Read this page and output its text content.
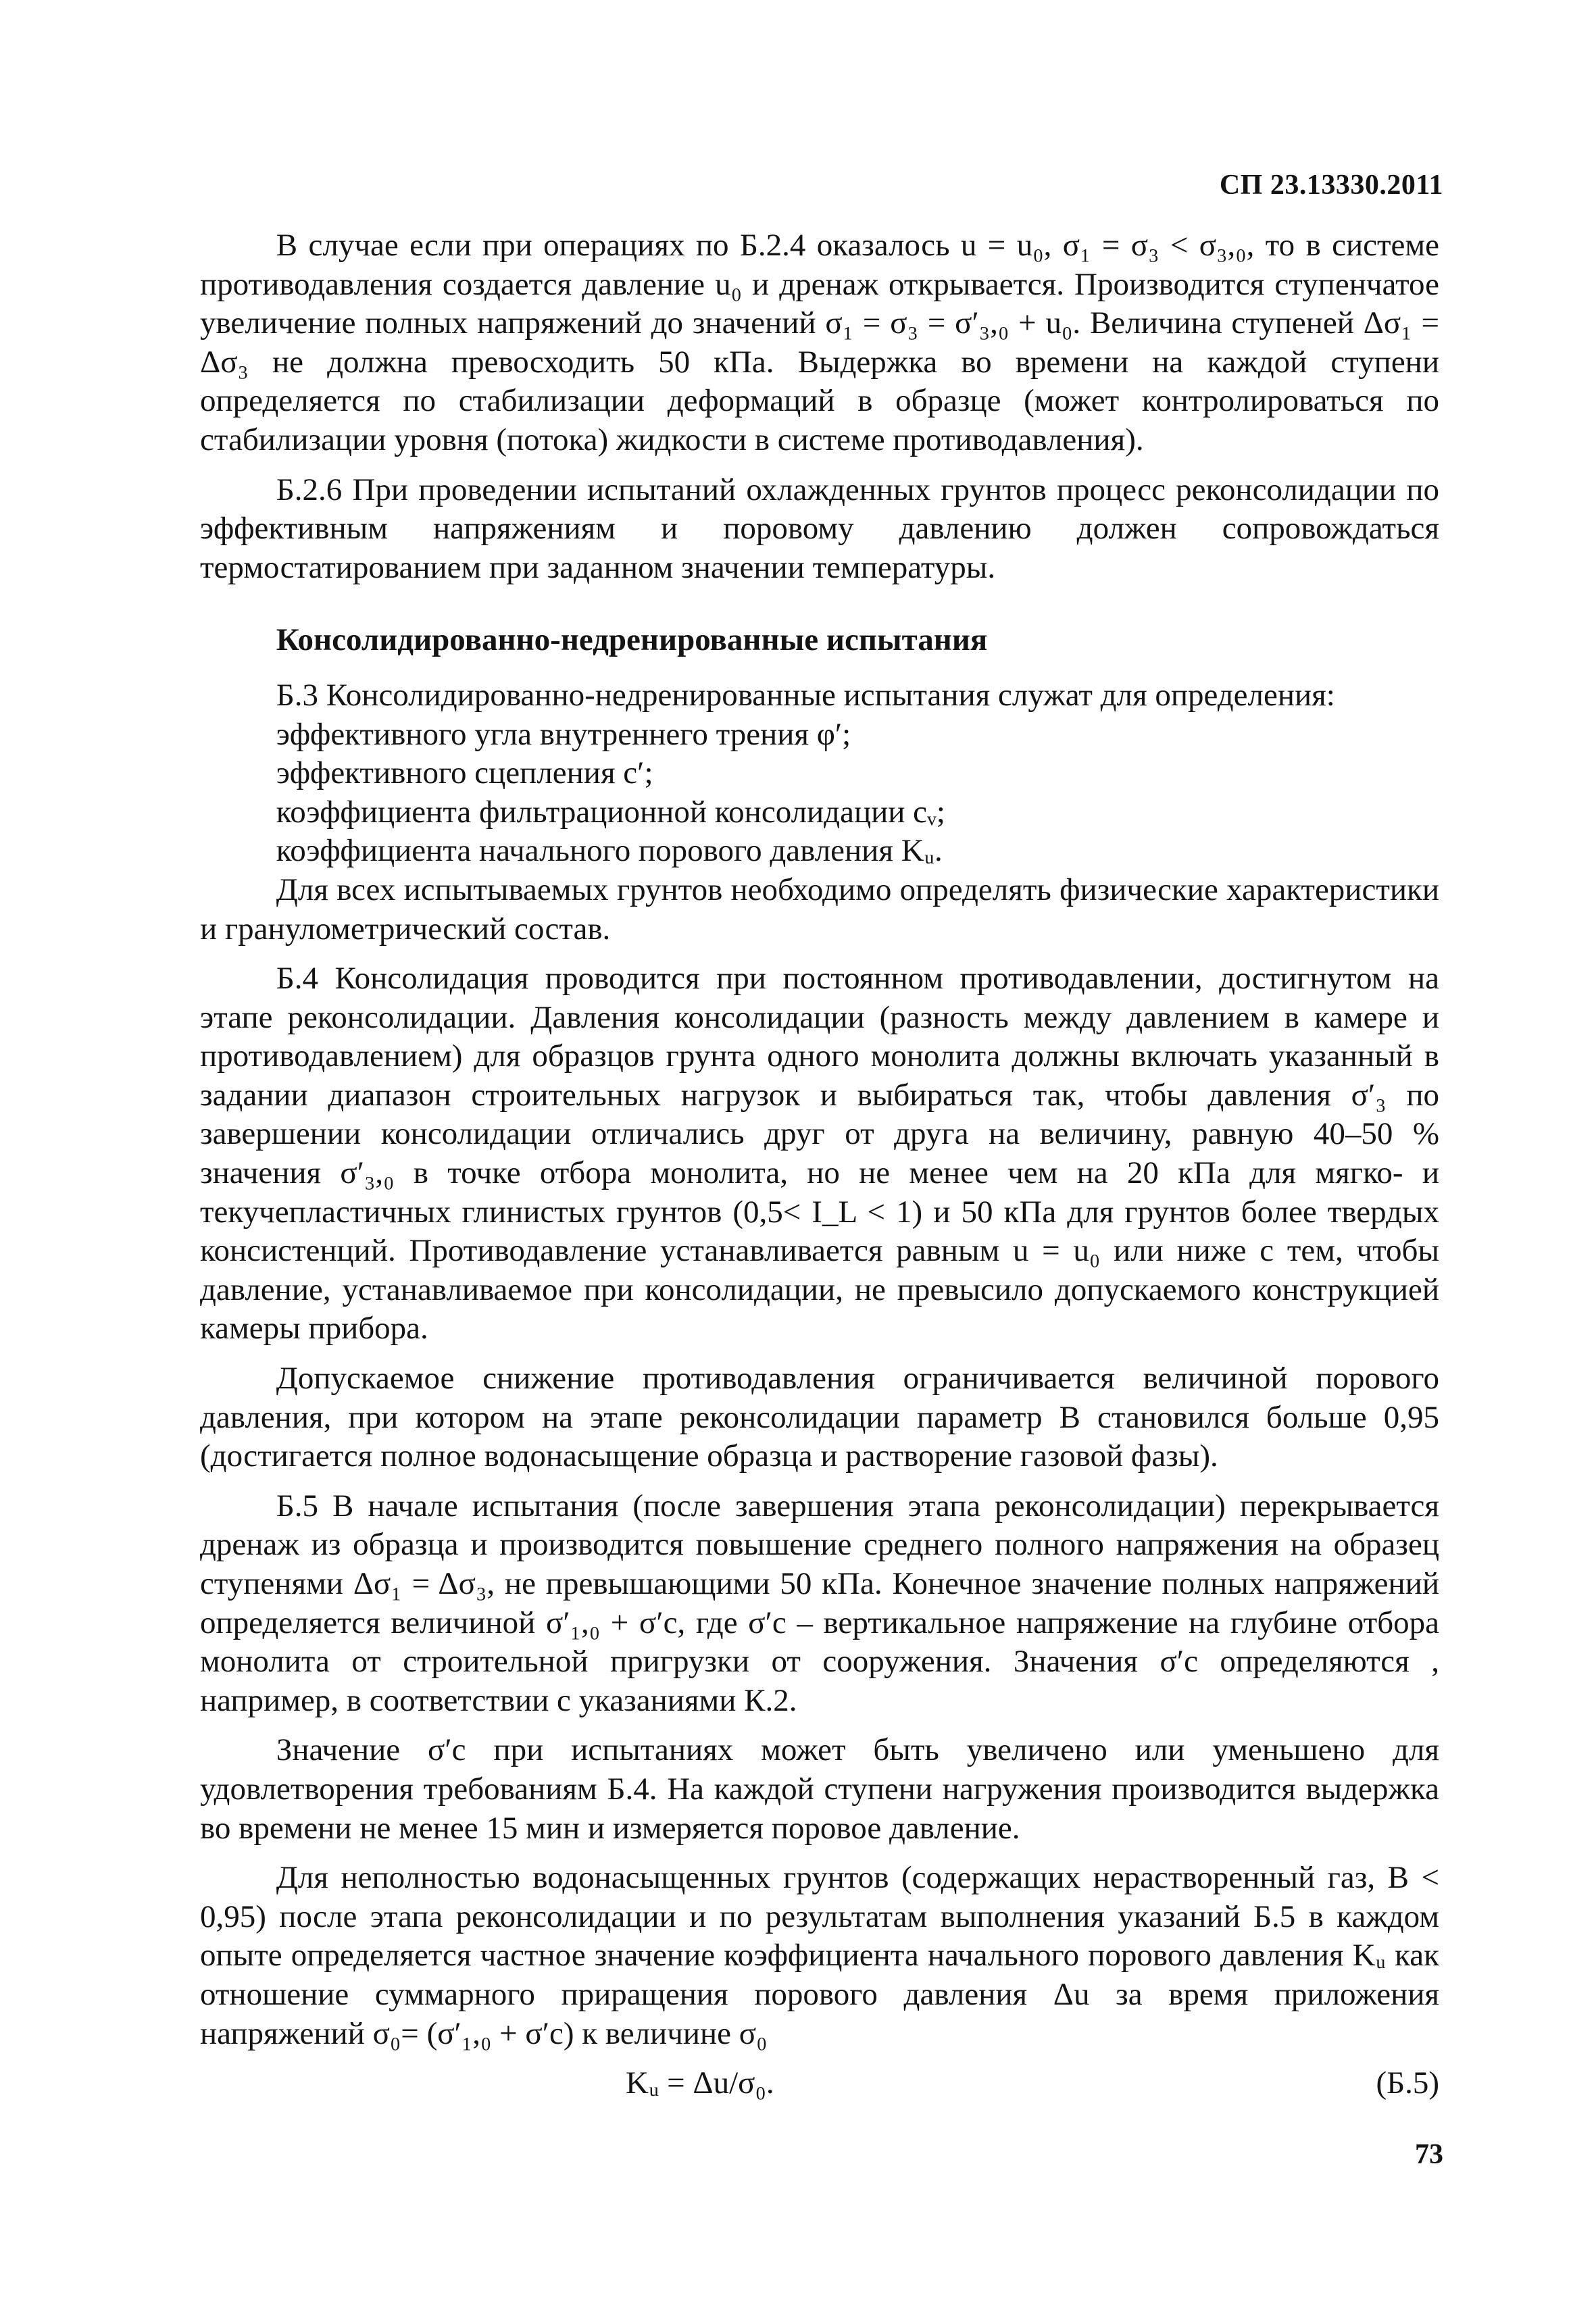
СП 23.13330.2011

В случае если при операциях по Б.2.4 оказалось u = u₀, σ₁ = σ₃ < σ₃,₀, то в системе противодавления создается давление u₀ и дренаж открывается. Производится ступенчатое увеличение полных напряжений до значений σ₁ = σ₃ = σ′₃,₀ + u₀. Величина ступеней Δσ₁ = Δσ₃ не должна превосходить 50 кПа. Выдержка во времени на каждой ступени определяется по стабилизации деформаций в образце (может контролироваться по стабилизации уровня (потока) жидкости в системе противодавления).

Б.2.6 При проведении испытаний охлажденных грунтов процесс реконсолидации по эффективным напряжениям и поровому давлению должен сопровождаться термостатированием при заданном значении температуры.

Консолидированно-недренированные испытания

Б.3 Консолидированно-недренированные испытания служат для определения:

эффективного угла внутреннего трения φ′;

эффективного сцепления c′;

коэффициента фильтрационной консолидации cᵥ;

коэффициента начального порового давления Kᵤ.

Для всех испытываемых грунтов необходимо определять физические характеристики и гранулометрический состав.

Б.4 Консолидация проводится при постоянном противодавлении, достигнутом на этапе реконсолидации. Давления консолидации (разность между давлением в камере и противодавлением) для образцов грунта одного монолита должны включать указанный в задании диапазон строительных нагрузок и выбираться так, чтобы давления σ′₃ по завершении консолидации отличались друг от друга на величину, равную 40–50 % значения σ′₃,₀ в точке отбора монолита, но не менее чем на 20 кПа для мягко- и текучепластичных глинистых грунтов (0,5< I_L < 1) и 50 кПа для грунтов более твердых консистенций. Противодавление устанавливается равным u = u₀ или ниже с тем, чтобы давление, устанавливаемое при консолидации, не превысило допускаемого конструкцией камеры прибора.

Допускаемое снижение противодавления ограничивается величиной порового давления, при котором на этапе реконсолидации параметр B становился больше 0,95 (достигается полное водонасыщение образца и растворение газовой фазы).

Б.5 В начале испытания (после завершения этапа реконсолидации) перекрывается дренаж из образца и производится повышение среднего полного напряжения на образец ступенями Δσ₁ = Δσ₃, не превышающими 50 кПа. Конечное значение полных напряжений определяется величиной σ′₁,₀ + σ′c, где σ′c – вертикальное напряжение на глубине отбора монолита от строительной пригрузки от сооружения. Значения σ′c определяются , например, в соответствии с указаниями К.2.

Значение σ′c при испытаниях может быть увеличено или уменьшено для удовлетворения требованиям Б.4. На каждой ступени нагружения производится выдержка во времени не менее 15 мин и измеряется поровое давление.

Для неполностью водонасыщенных грунтов (содержащих нерастворенный газ, B < 0,95) после этапа реконсолидации и по результатам выполнения указаний Б.5 в каждом опыте определяется частное значение коэффициента начального порового давления Kᵤ как отношение суммарного приращения порового давления Δu за время приложения напряжений σ₀= (σ′₁,₀ + σ′c) к величине σ₀

Kᵤ = Δu/σ₀.	(Б.5)
73
